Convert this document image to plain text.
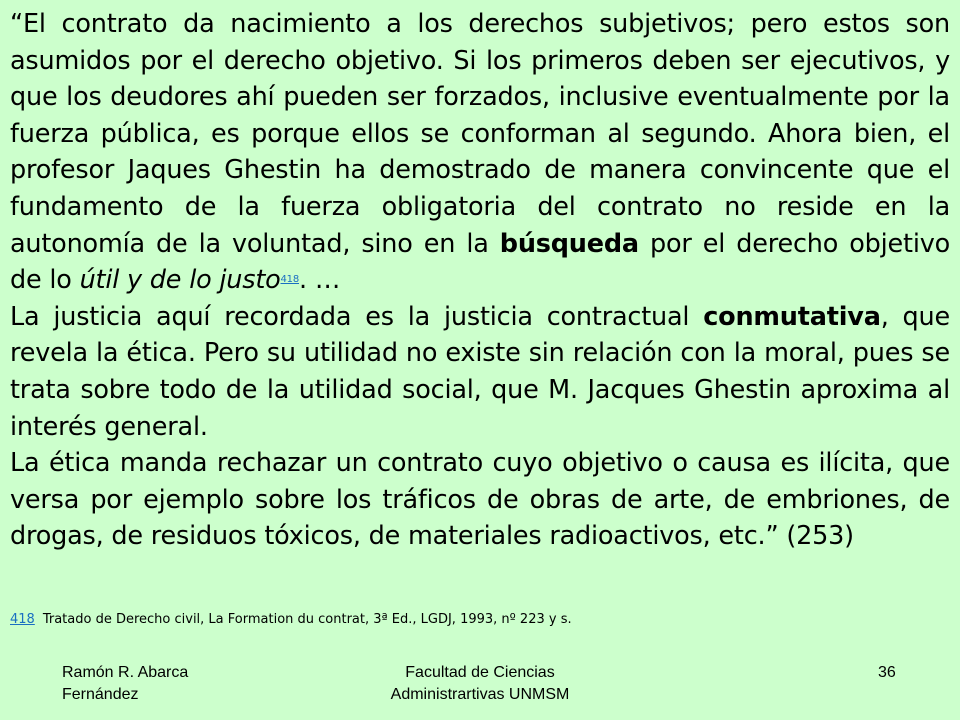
“El contrato da nacimiento a los derechos subjetivos; pero estos son asumidos por el derecho objetivo. Si los primeros deben ser ejecutivos, y que los deudores ahí pueden ser forzados, inclusive eventualmente por la fuerza pública, es porque ellos se conforman al segundo. Ahora bien, el profesor Jaques Ghestin ha demostrado de manera convincente que el fundamento de la fuerza obligatoria del contrato no reside en la autonomía de la voluntad, sino en la búsqueda por el derecho objetivo de lo útil y de lo justo$^{418}$. …

La justicia aquí recordada es la justicia contractual conmutativa, que revela la ética. Pero su utilidad no existe sin relación con la moral, pues se trata sobre todo de la utilidad social, que M. Jacques Ghestin aproxima al interés general.

La ética manda rechazar un contrato cuyo objetivo o causa es ilícita, que versa por ejemplo sobre los tráficos de obras de arte, de embriones, de drogas, de residuos tóxicos, de materiales radioactivos, etc.” (253)

418 Tratado de Derecho civil, La Formation du contrat, 3ª Ed., LGDJ, 1993, nº 223 y s.
Ramón R. Abarca
Fernández
Facultad de Ciencias
Administrartivas UNMSM
36
